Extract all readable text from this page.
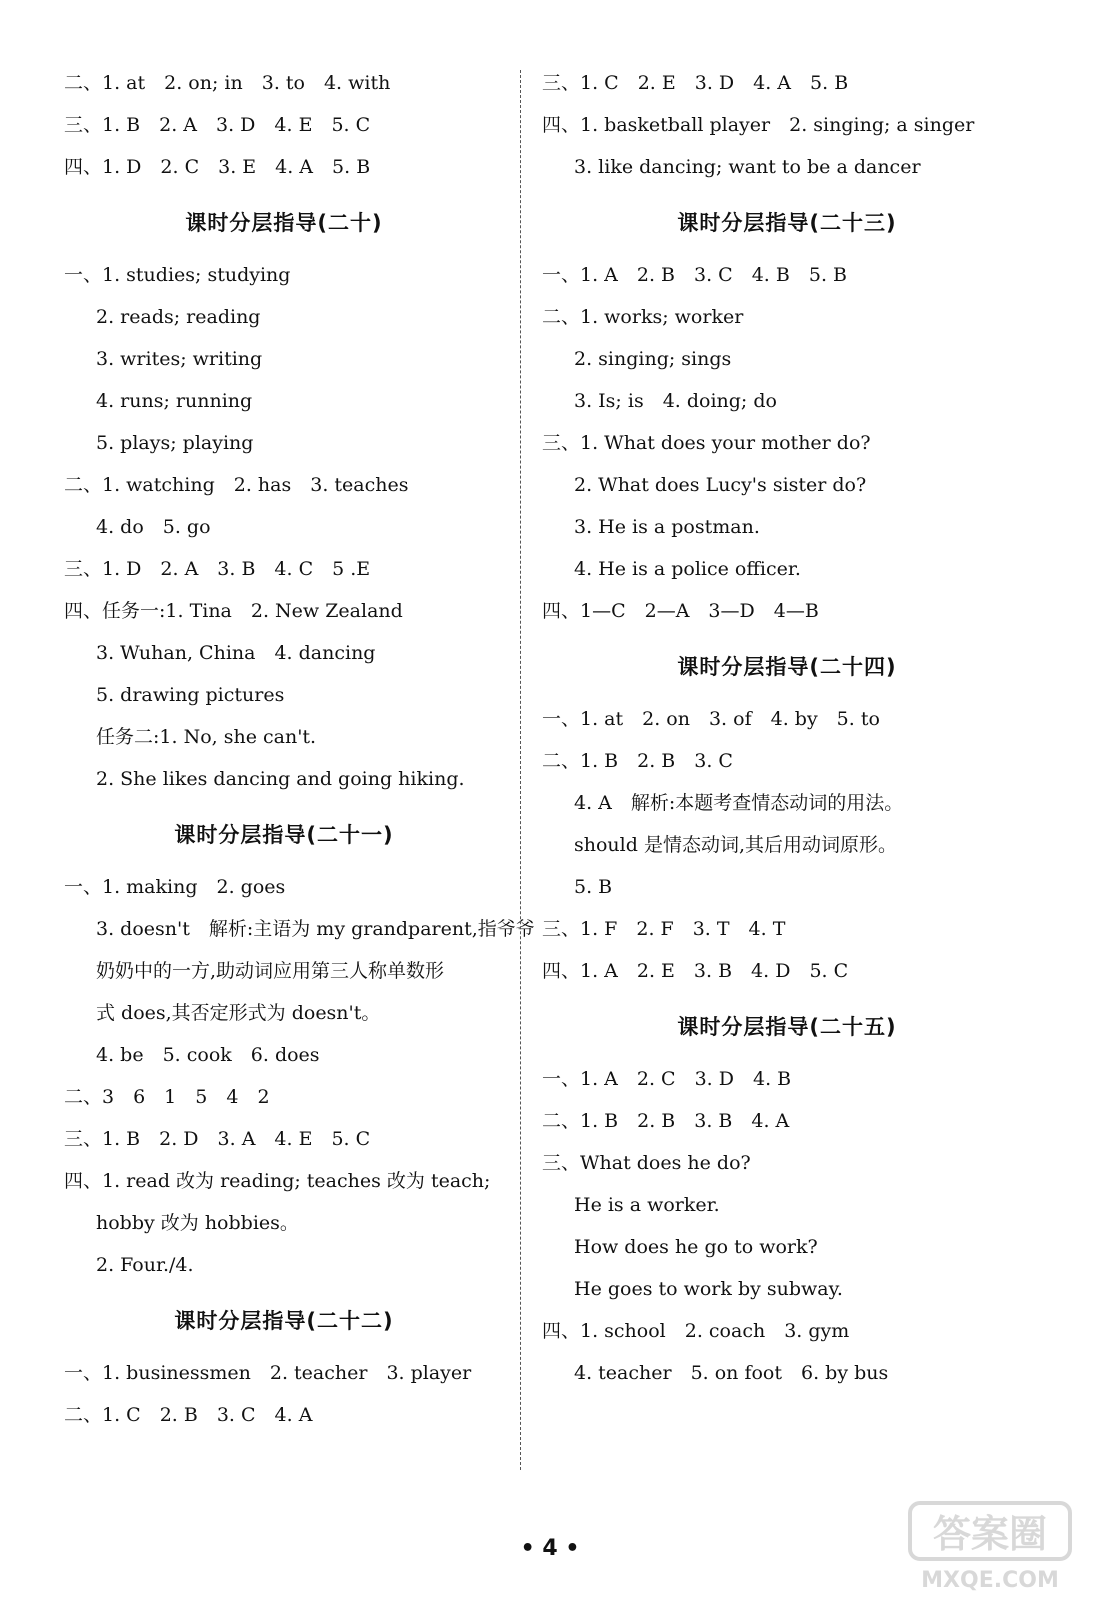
二、1. at　2. on; in　3. to　4. with
三、1. B　2. A　3. D　4. E　5. C
四、1. D　2. C　3. E　4. A　5. B
课时分层指导(二十)
一、1. studies; studying
2. reads; reading
3. writes; writing
4. runs; running
5. plays; playing
二、1. watching　2. has　3. teaches
4. do　5. go
三、1. D　2. A　3. B　4. C　5 .E
四、任务一:1. Tina　2. New Zealand
3. Wuhan, China　4. dancing
5. drawing pictures
任务二:1. No, she can't.
2. She likes dancing and going hiking.
课时分层指导(二十一)
一、1. making　2. goes
3. doesn't　解析:主语为 my grandparent,指爷爷
奶奶中的一方,助动词应用第三人称单数形
式 does,其否定形式为 doesn't。
4. be　5. cook　6. does
二、3　6　1　5　4　2
三、1. B　2. D　3. A　4. E　5. C
四、1. read 改为 reading; teaches 改为 teach;
hobby 改为 hobbies。
2. Four./4.
课时分层指导(二十二)
一、1. businessmen　2. teacher　3. player
二、1. C　2. B　3. C　4. A
三、1. C　2. E　3. D　4. A　5. B
四、1. basketball player　2. singing; a singer
3. like dancing; want to be a dancer
课时分层指导(二十三)
一、1. A　2. B　3. C　4. B　5. B
二、1. works; worker
2. singing; sings
3. Is; is　4. doing; do
三、1. What does your mother do?
2. What does Lucy's sister do?
3. He is a postman.
4. He is a police officer.
四、1—C　2—A　3—D　4—B
课时分层指导(二十四)
一、1. at　2. on　3. of　4. by　5. to
二、1. B　2. B　3. C
4. A　解析:本题考查情态动词的用法。
should 是情态动词,其后用动词原形。
5. B
三、1. F　2. F　3. T　4. T
四、1. A　2. E　3. B　4. D　5. C
课时分层指导(二十五)
一、1. A　2. C　3. D　4. B
二、1. B　2. B　3. B　4. A
三、What does he do?
He is a worker.
How does he go to work?
He goes to work by subway.
四、1. school　2. coach　3. gym
4. teacher　5. on foot　6. by bus
• 4 •	答案圈
MXQE.COM
